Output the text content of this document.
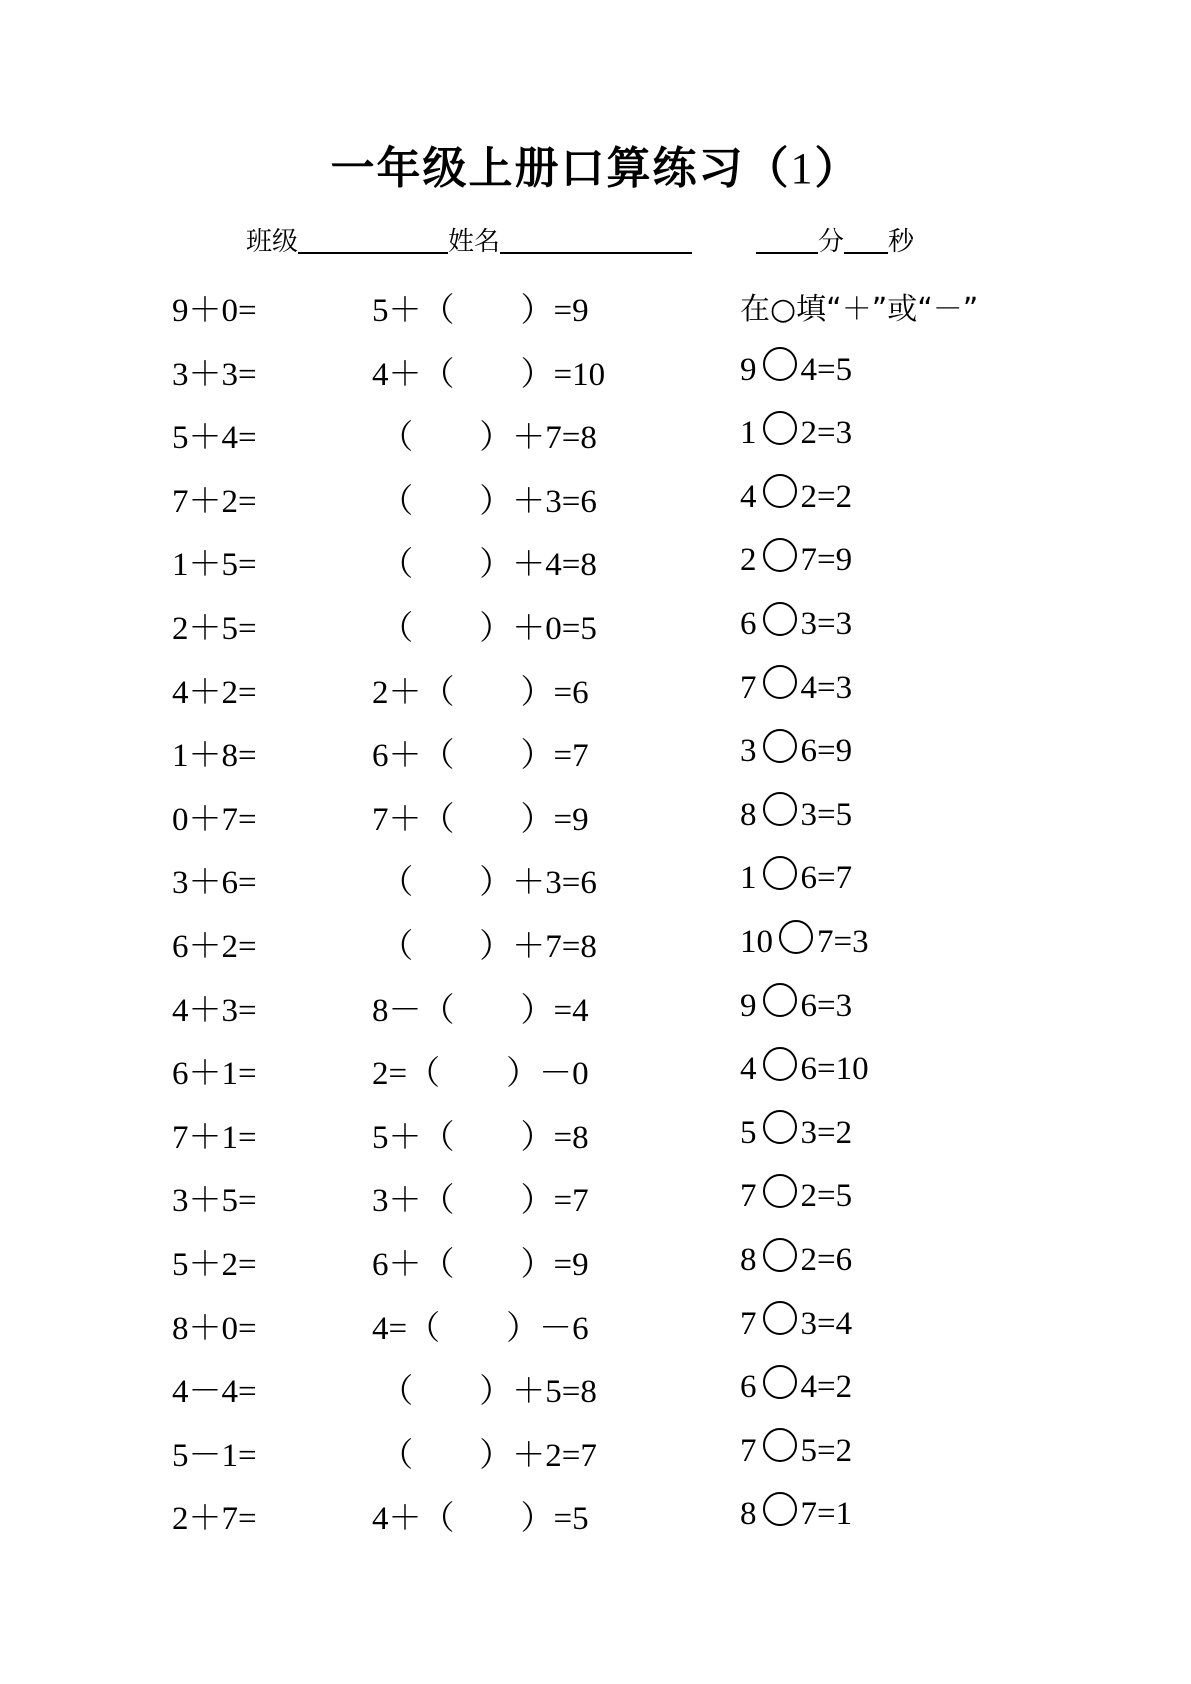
一年级上册口算练习（1）
班级	姓名	分 秒
9＋0=	5＋（　　）=9	在○填“＋”或“－”
3＋3=	4＋（　　）=10	9 4=5
5＋4=	（　　）＋7=8	1 2=3
7＋2=	（　　）＋3=6	4 2=2
1＋5=	（　　）＋4=8	2 7=9
2＋5=	（　　）＋0=5	6 3=3
4＋2=	2＋（　　）=6	7 4=3
1＋8=	6＋（　　）=7	3 6=9
0＋7=	7＋（　　）=9	8 3=5
3＋6=	（　　）＋3=6	1 6=7
6＋2=	（　　）＋7=8	10 7=3
4＋3=	8－（　　）=4	9 6=3
6＋1=	2=（　　）－0	4 6=10
7＋1=	5＋（　　）=8	5 3=2
3＋5=	3＋（　　）=7	7 2=5
5＋2=	6＋（　　）=9	8 2=6
8＋0=	4=（　　）－6	7 3=4
4－4=	（　　）＋5=8	6 4=2
5－1=	（　　）＋2=7	7 5=2
2＋7=	4＋（　　）=5	8 7=1
